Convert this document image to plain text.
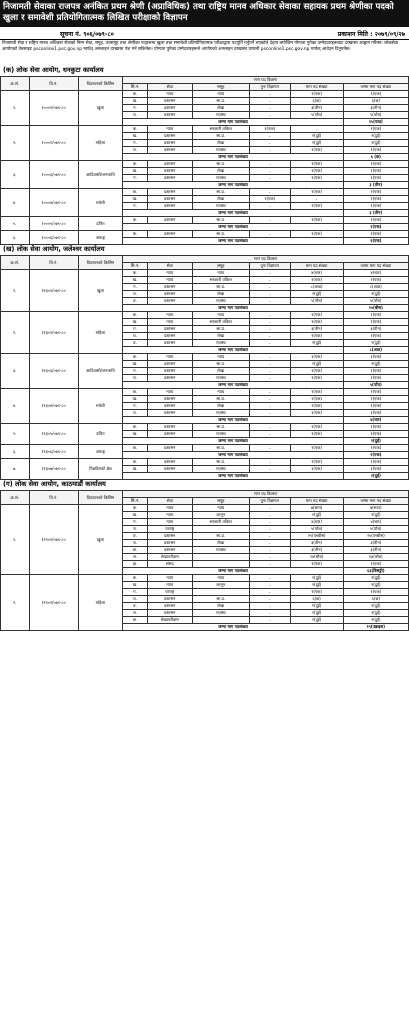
निजामती सेवाका राजपत्र अनंकित प्रथम श्रेणी (अप्राविधिक) तथा राष्ट्रिय मानव अधिकार सेवाका सहायक प्रथम श्रेणीका पदको खुला र समावेशी प्रतियोगितात्मक लिखित परीक्षाको विज्ञापन
सूचना नं. ९०६/०७९-८०	प्रकाशन मिति : २०७९/०९/२७
निजामती सेवा र राष्ट्रिय मानव अधिकार सेवाको निम्न सेवा, समूह, उपसमूह तथा श्रेणीका पदहरूमा खुला तथा समावेशी प्रतियोगितात्मक परीक्षाद्वारा पदपूर्ति गर्नुपर्ने भएकोले देहाय बमोजिम योग्यता पुगेका उम्मेदवारहरूबाट दरखास्त आह्वान गरिन्छ। लोकसेवा आयोगको वेबसाइट psconline1.psc.gov.np मार्फत् अनलाइन दरखास्त पेश गर्न सकिनेछ। योग्यता पुगेका उम्मेदवारहरूले आयोगको अनलाइन दरखास्त प्रणाली psconline1.psc.gov.np मार्फत् आवेदन दिनुपर्नेछ।
(क) लोक सेवा आयोग, धनकुटा कार्यालय
क्र.सं.	वि.नं.	विज्ञापनको किसिम	माग पद विवरण					
			सि.नं.	सेवा	समूह	पुनः विज्ञापन	माग पद संख्या	जम्मा माग पद संख्या
१.	१०००१/०७९-८०	खुला	क.	न्याय	न्याय	-	१(एक)	१(एक)
			ख.	प्रशासन	सा.प्र.	-	६(छ)	६(छ)
			ग.	प्रशासन	लेखा	-	३(तीन)	३(तीन)
			घ.	प्रशासन	राजस्व	-	५(पाँच)	५(पाँच)
			जम्मा माग पदसंख्या					१५(पन्ध्र)
२.	१०००२/०७९-८०	महिला	क.	न्याय	सरकारी वकिल	१(एक)	-	१(एक)
			ख.	प्रशासन	सा.प्र.	-	२(दुई)	२(दुई)
			ग.	प्रशासन	लेखा	-	२(दुई)	२(दुई)
			घ.	प्रशासन	राजस्व	-	१(एक)	१(एक)
			जम्मा माग पदसंख्या					६ (छ)
३.	१०००३/०७९-८०	आदिवासी/जनजाति	क.	प्रशासन	सा.प्र.	-	१(एक)	१(एक)
			ख.	प्रशासन	लेखा	-	१(एक)	१(एक)
			ग.	प्रशासन	राजस्व	-	१(एक)	१(एक)
			जम्मा माग पदसंख्या					३ (तीन)
४.	१०००४/०७९-८०	मधेशी	क.	प्रशासन	सा.प्र.	-	१(एक)	१(एक)
			ख.	प्रशासन	लेखा	१(एक)	-	१(एक)
			ग.	प्रशासन	राजस्व	-	१(एक)	१(एक)
			जम्मा माग पदसंख्या					३ (तीन)
५.	१०००५/०७९-८०	दलित	क.	प्रशासन	सा.प्र.	-	१(एक)	१(एक)
			जम्मा माग पदसंख्या					१(एक)
६.	१०००६/०७९-८०	अपाङ्ग	क.	प्रशासन	सा.प्र.	-	१(एक)	१(एक)
			जम्मा माग पदसंख्या					१(एक)
(ख) लोक सेवा आयोग, जलेश्वर कार्यालय
क्र.सं.	वि.नं.	विज्ञापनको किसिम	माग पद विवरण					
			सि.नं.	सेवा	समूह	पुनः विज्ञापन	माग पद संख्या	जम्मा माग पद संख्या
१.	११३०१/०७९-८०	खुला	क.	न्याय	न्याय	-	४(चार)	४(चार)
			ख.	न्याय	सरकारी वकिल	-	१(एक)	१(एक)
			ग.	प्रशासन	सा.प्र.	-	८(आठ)	८(आठ)
			घ.	प्रशासन	लेखा	-	२(दुई)	२(दुई)
			ङ.	प्रशासन	राजस्व	-	५(पाँच)	५(पाँच)
			जम्मा माग पदसंख्या					२०(बीस)
२.	११३०२/०७९-८०	महिला	क.	न्याय	न्याय	-	१(एक)	१(एक)
			ख.	न्याय	सरकारी वकिल	-	१(एक)	१(एक)
			ग.	प्रशासन	सा.प्र.	-	३(तीन)	३(तीन)
			घ.	प्रशासन	लेखा	-	१(एक)	१(एक)
			ङ.	प्रशासन	राजस्व	-	२(दुई)	२(दुई)
			जम्मा माग पदसंख्या					८(आठ)
३.	११३०३/०७९-८०	आदिवासी/जनजाति	क.	न्याय	न्याय	-	१(एक)	१(एक)
			ख.	प्रशासन	सा.प्र.	-	२(दुई)	२(दुई)
			ग.	प्रशासन	लेखा	-	१(एक)	१(एक)
			घ.	प्रशासन	राजस्व	-	१(एक)	१(एक)
			जम्मा माग पदसंख्या					५(पाँच)
४.	११३०४/०७९-८०	मधेशी	क.	न्याय	न्याय	-	१(एक)	१(एक)
			ख.	प्रशासन	सा.प्र.	-	१(एक)	१(एक)
			ग.	प्रशासन	लेखा	-	१(एक)	१(एक)
			घ.	प्रशासन	राजस्व	-	१(एक)	१(एक)
			जम्मा माग पदसंख्या					४(चार)
५.	११३०५/०७९-८०	दलित	क.	प्रशासन	सा.प्र.	-	१(एक)	१(एक)
			ख.	प्रशासन	राजस्व	-	१(एक)	१(एक)
			जम्मा माग पदसंख्या					२(दुई)
६.	११३०६/०७९-८०	अपाङ्ग	क.	प्रशासन	सा.प्र.	-	१(एक)	१(एक)
			जम्मा माग पदसंख्या					१(एक)
७.	११३०७/०७९-८०	पिछडिएको क्षेत्र	क.	प्रशासन	सा.प्र.	-	१(एक)	१(एक)
			ख.	प्रशासन	राजस्व	-	१(एक)	१(एक)
			जम्मा माग पदसंख्या					२(दुई)
(ग) लोक सेवा आयोग, काठमाडौं कार्यालय
क्र.सं.	वि.नं.	विज्ञापनको किसिम	माग पद विवरण					
			सि.नं.	सेवा	समूह	पुनः विज्ञापन	माग पद संख्या	जम्मा माग पद संख्या
१.	११९०१/०७९-८०	खुला	क.	न्याय	न्याय	-	७(सात)	७(सात)
			ख.	न्याय	कानून	-	२(दुई)	२(दुई)
			ग.	न्याय	सरकारी वकिल	-	४(चार)	४(चार)
			घ.	परराष्ट्र		-	५(पाँच)	५(पाँच)
			ङ.	प्रशासन	सा.प्र.	-	२५(पच्चीस)	२५(पच्चीस)
			च.	प्रशासन	लेखा	-	३(तीन)	३(तीन)
			छ.	प्रशासन	राजस्व	-	३(तीन)	३(तीन)
			ज.	लेखापरीक्षण		-	१४(चौध)	१४(चौध)
			झ.	संसद		-	१(एक)	१(एक)
			जम्मा माग पदसंख्या					६३(त्रिसठ्ठी)
२.	११९०२/०७९-८०	महिला	क.	न्याय	न्याय	-	२(दुई)	२(दुई)
			ख.	न्याय	कानून	-	२(दुई)	२(दुई)
			ग.	परराष्ट्र		-	१(एक)	१(एक)
			घ.	प्रशासन	सा.प्र.	-	६(छ)	६(छ)
			ङ.	प्रशासन	लेखा	-	२(दुई)	२(दुई)
			च.	प्रशासन	राजस्व	-	२(दुई)	२(दुई)
			छ.	लेखापरीक्षण		-	२(दुई)	२(दुई)
			जम्मा माग पदसंख्या					१९(उन्नाइस)
